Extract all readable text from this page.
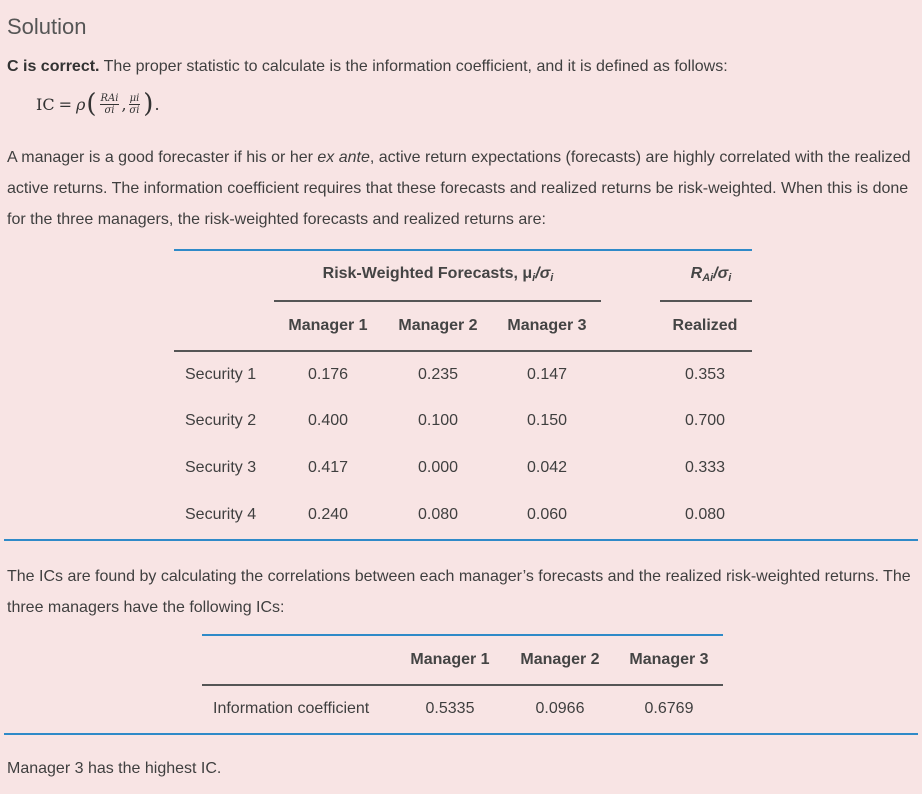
Solution

C is correct. The proper statistic to calculate is the information coefficient, and it is defined as follows:

IC = ρ ( $\frac{\text{RAi}}{\sigma i}$ , $\frac{\mu i}{\sigma i}$ ) .

A manager is a good forecaster if his or her ex ante, active return expectations (forecasts) are highly correlated with the realized active returns. The information coefficient requires that these forecasts and realized returns be risk-weighted. When this is done for the three managers, the risk-weighted forecasts and realized returns are:

Risk-Weighted Forecasts, $\mu_i/\sigma_i$	$R_{Ai}/\sigma_i$
Manager 1 Manager 2 Manager 3	Realized
Security 1	0.176	0.235	0.147	0.353
Security 2	0.400	0.100	0.150	0.700
Security 3	0.417	0.000	0.042	0.333
Security 4	0.240	0.080	0.060	0.080

The ICs are found by calculating the correlations between each manager’s forecasts and the realized risk-weighted returns. The three managers have the following ICs:

Manager 1 Manager 2 Manager 3
Information coefficient	0.5335	0.0966	0.6769

Manager 3 has the highest IC.
